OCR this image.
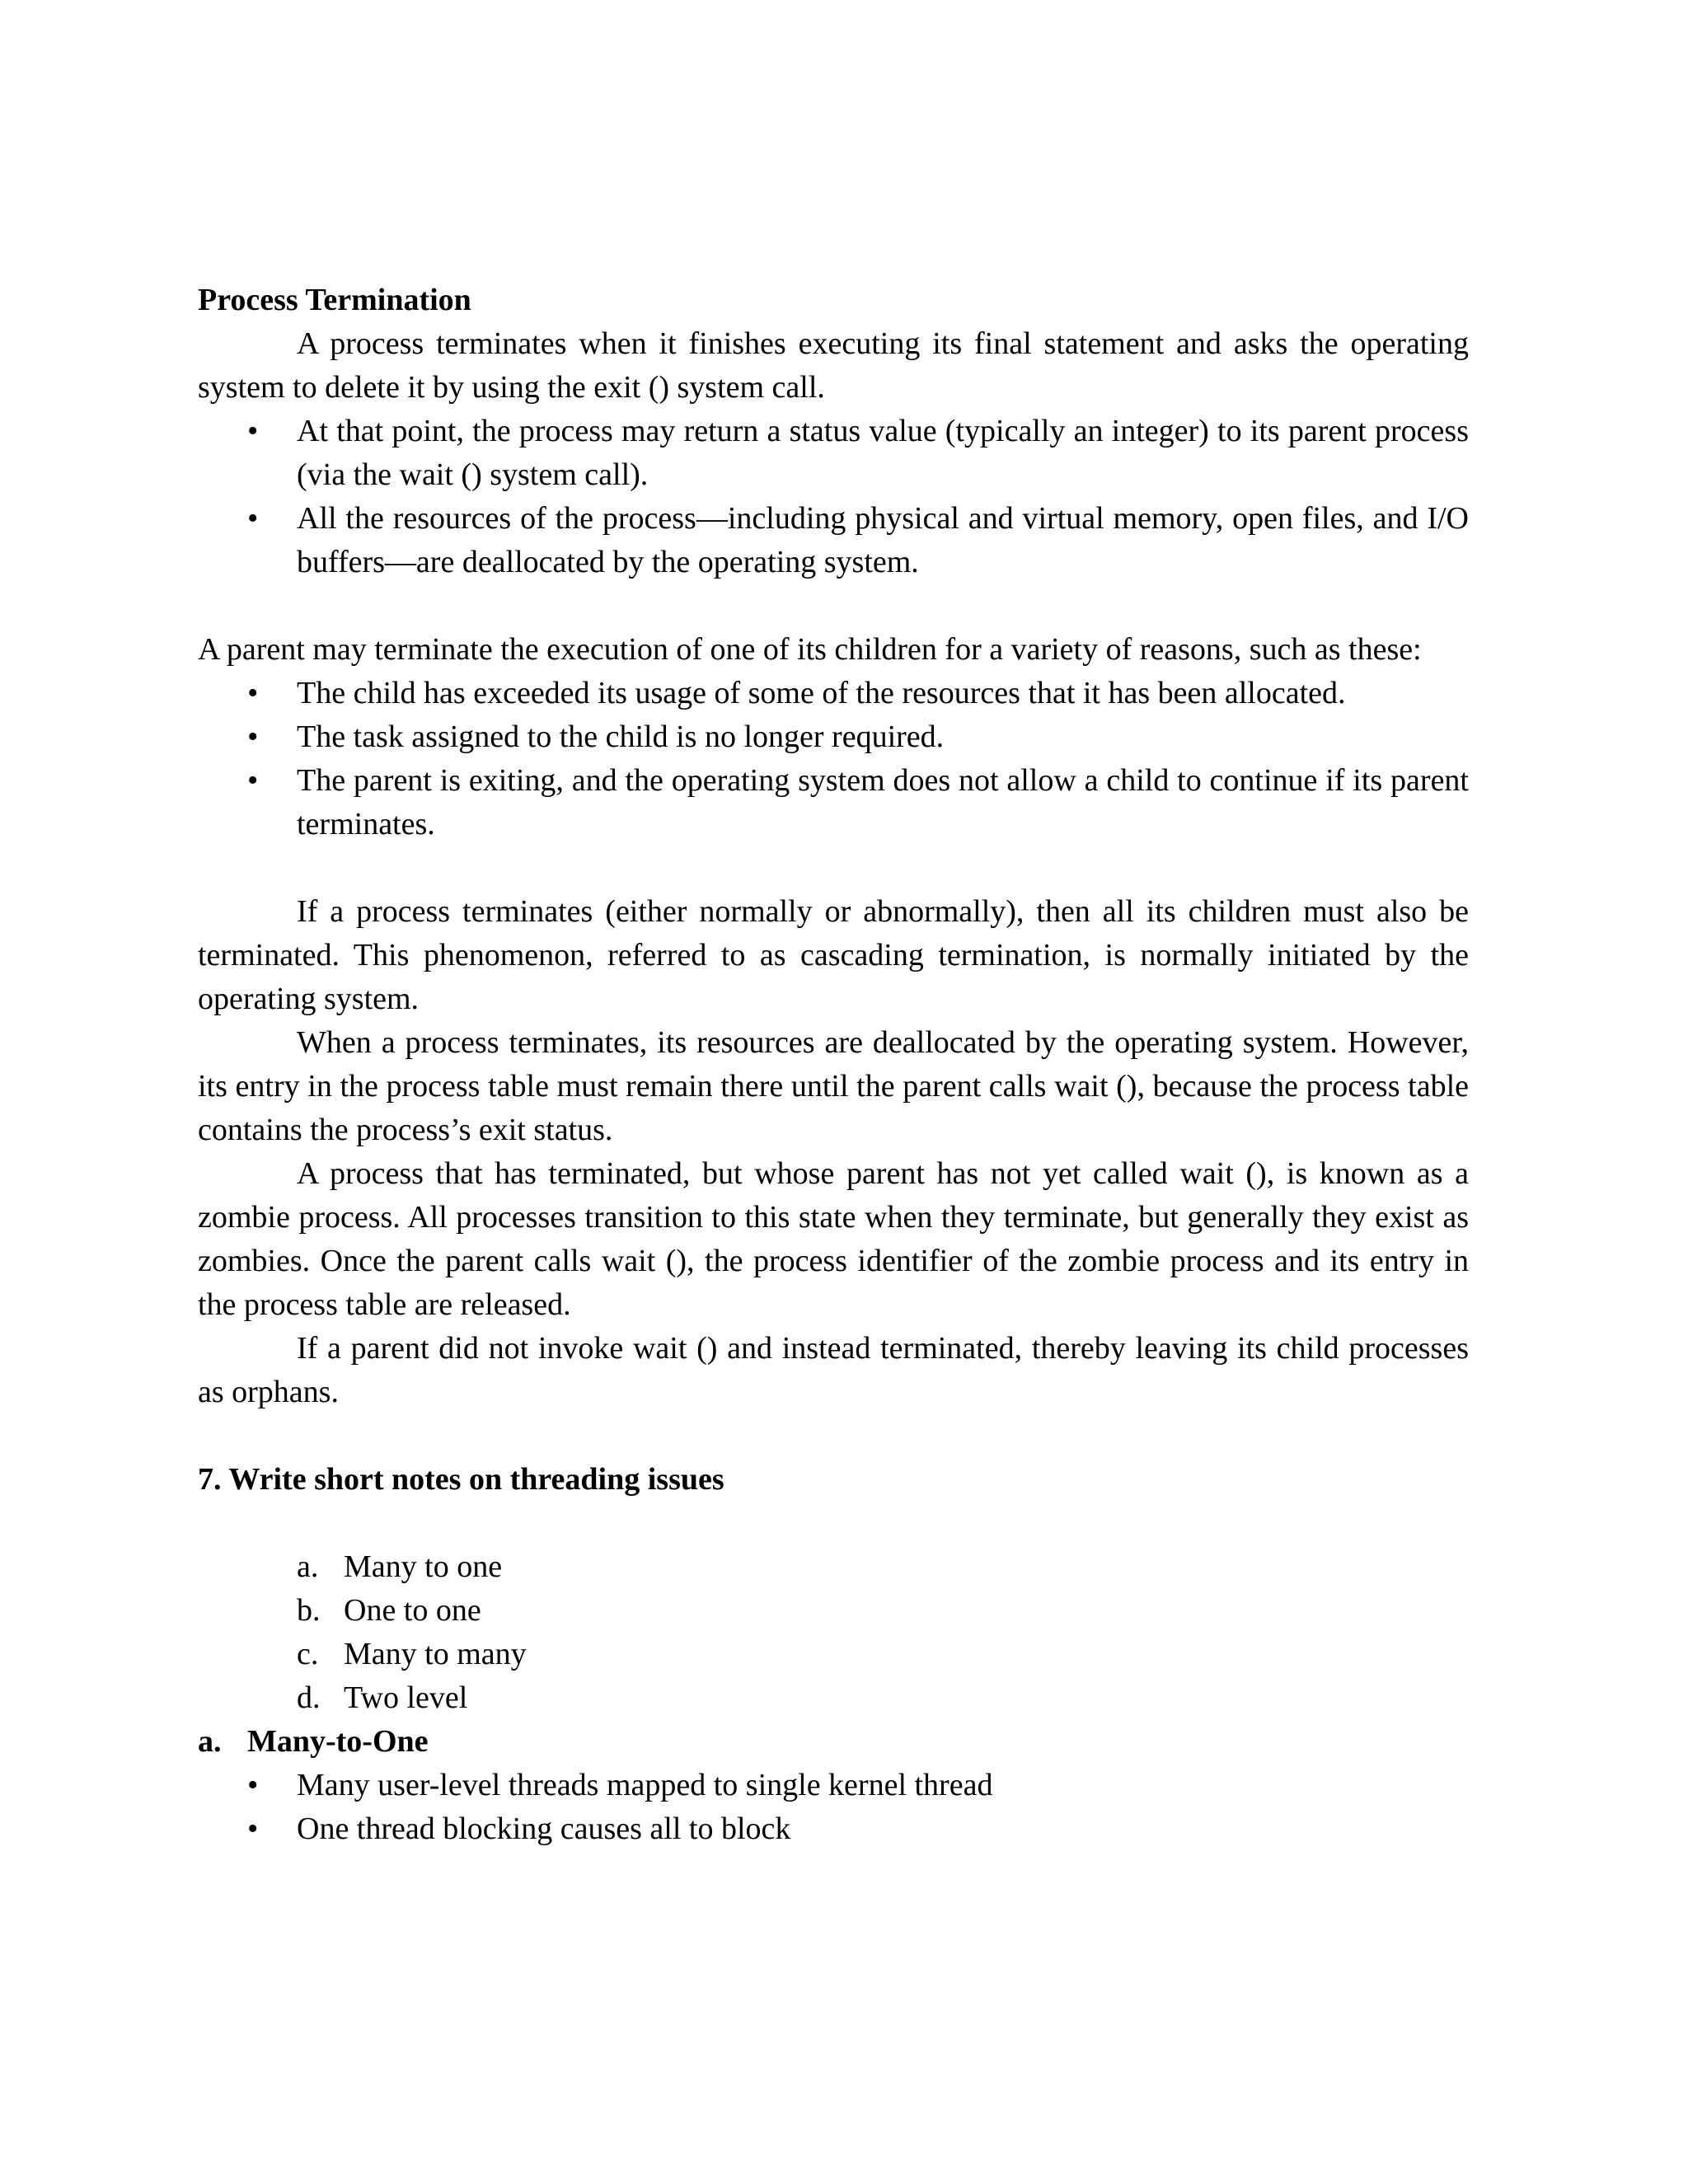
Process Termination

A process terminates when it finishes executing its final statement and asks the operating system to delete it by using the exit () system call.

• At that point, the process may return a status value (typically an integer) to its parent process (via the wait () system call).
• All the resources of the process—including physical and virtual memory, open files, and I/O buffers—are deallocated by the operating system.

A parent may terminate the execution of one of its children for a variety of reasons, such as these:

• The child has exceeded its usage of some of the resources that it has been allocated.
• The task assigned to the child is no longer required.
• The parent is exiting, and the operating system does not allow a child to continue if its parent terminates.

If a process terminates (either normally or abnormally), then all its children must also be terminated. This phenomenon, referred to as cascading termination, is normally initiated by the operating system.

When a process terminates, its resources are deallocated by the operating system. However, its entry in the process table must remain there until the parent calls wait (), because the process table contains the process’s exit status.

A process that has terminated, but whose parent has not yet called wait (), is known as a zombie process. All processes transition to this state when they terminate, but generally they exist as zombies. Once the parent calls wait (), the process identifier of the zombie process and its entry in the process table are released.

If a parent did not invoke wait () and instead terminated, thereby leaving its child processes as orphans.

7. Write short notes on threading issues

a. Many to one
b. One to one
c. Many to many
d. Two level

a. Many-to-One

• Many user-level threads mapped to single kernel thread
• One thread blocking causes all to block
